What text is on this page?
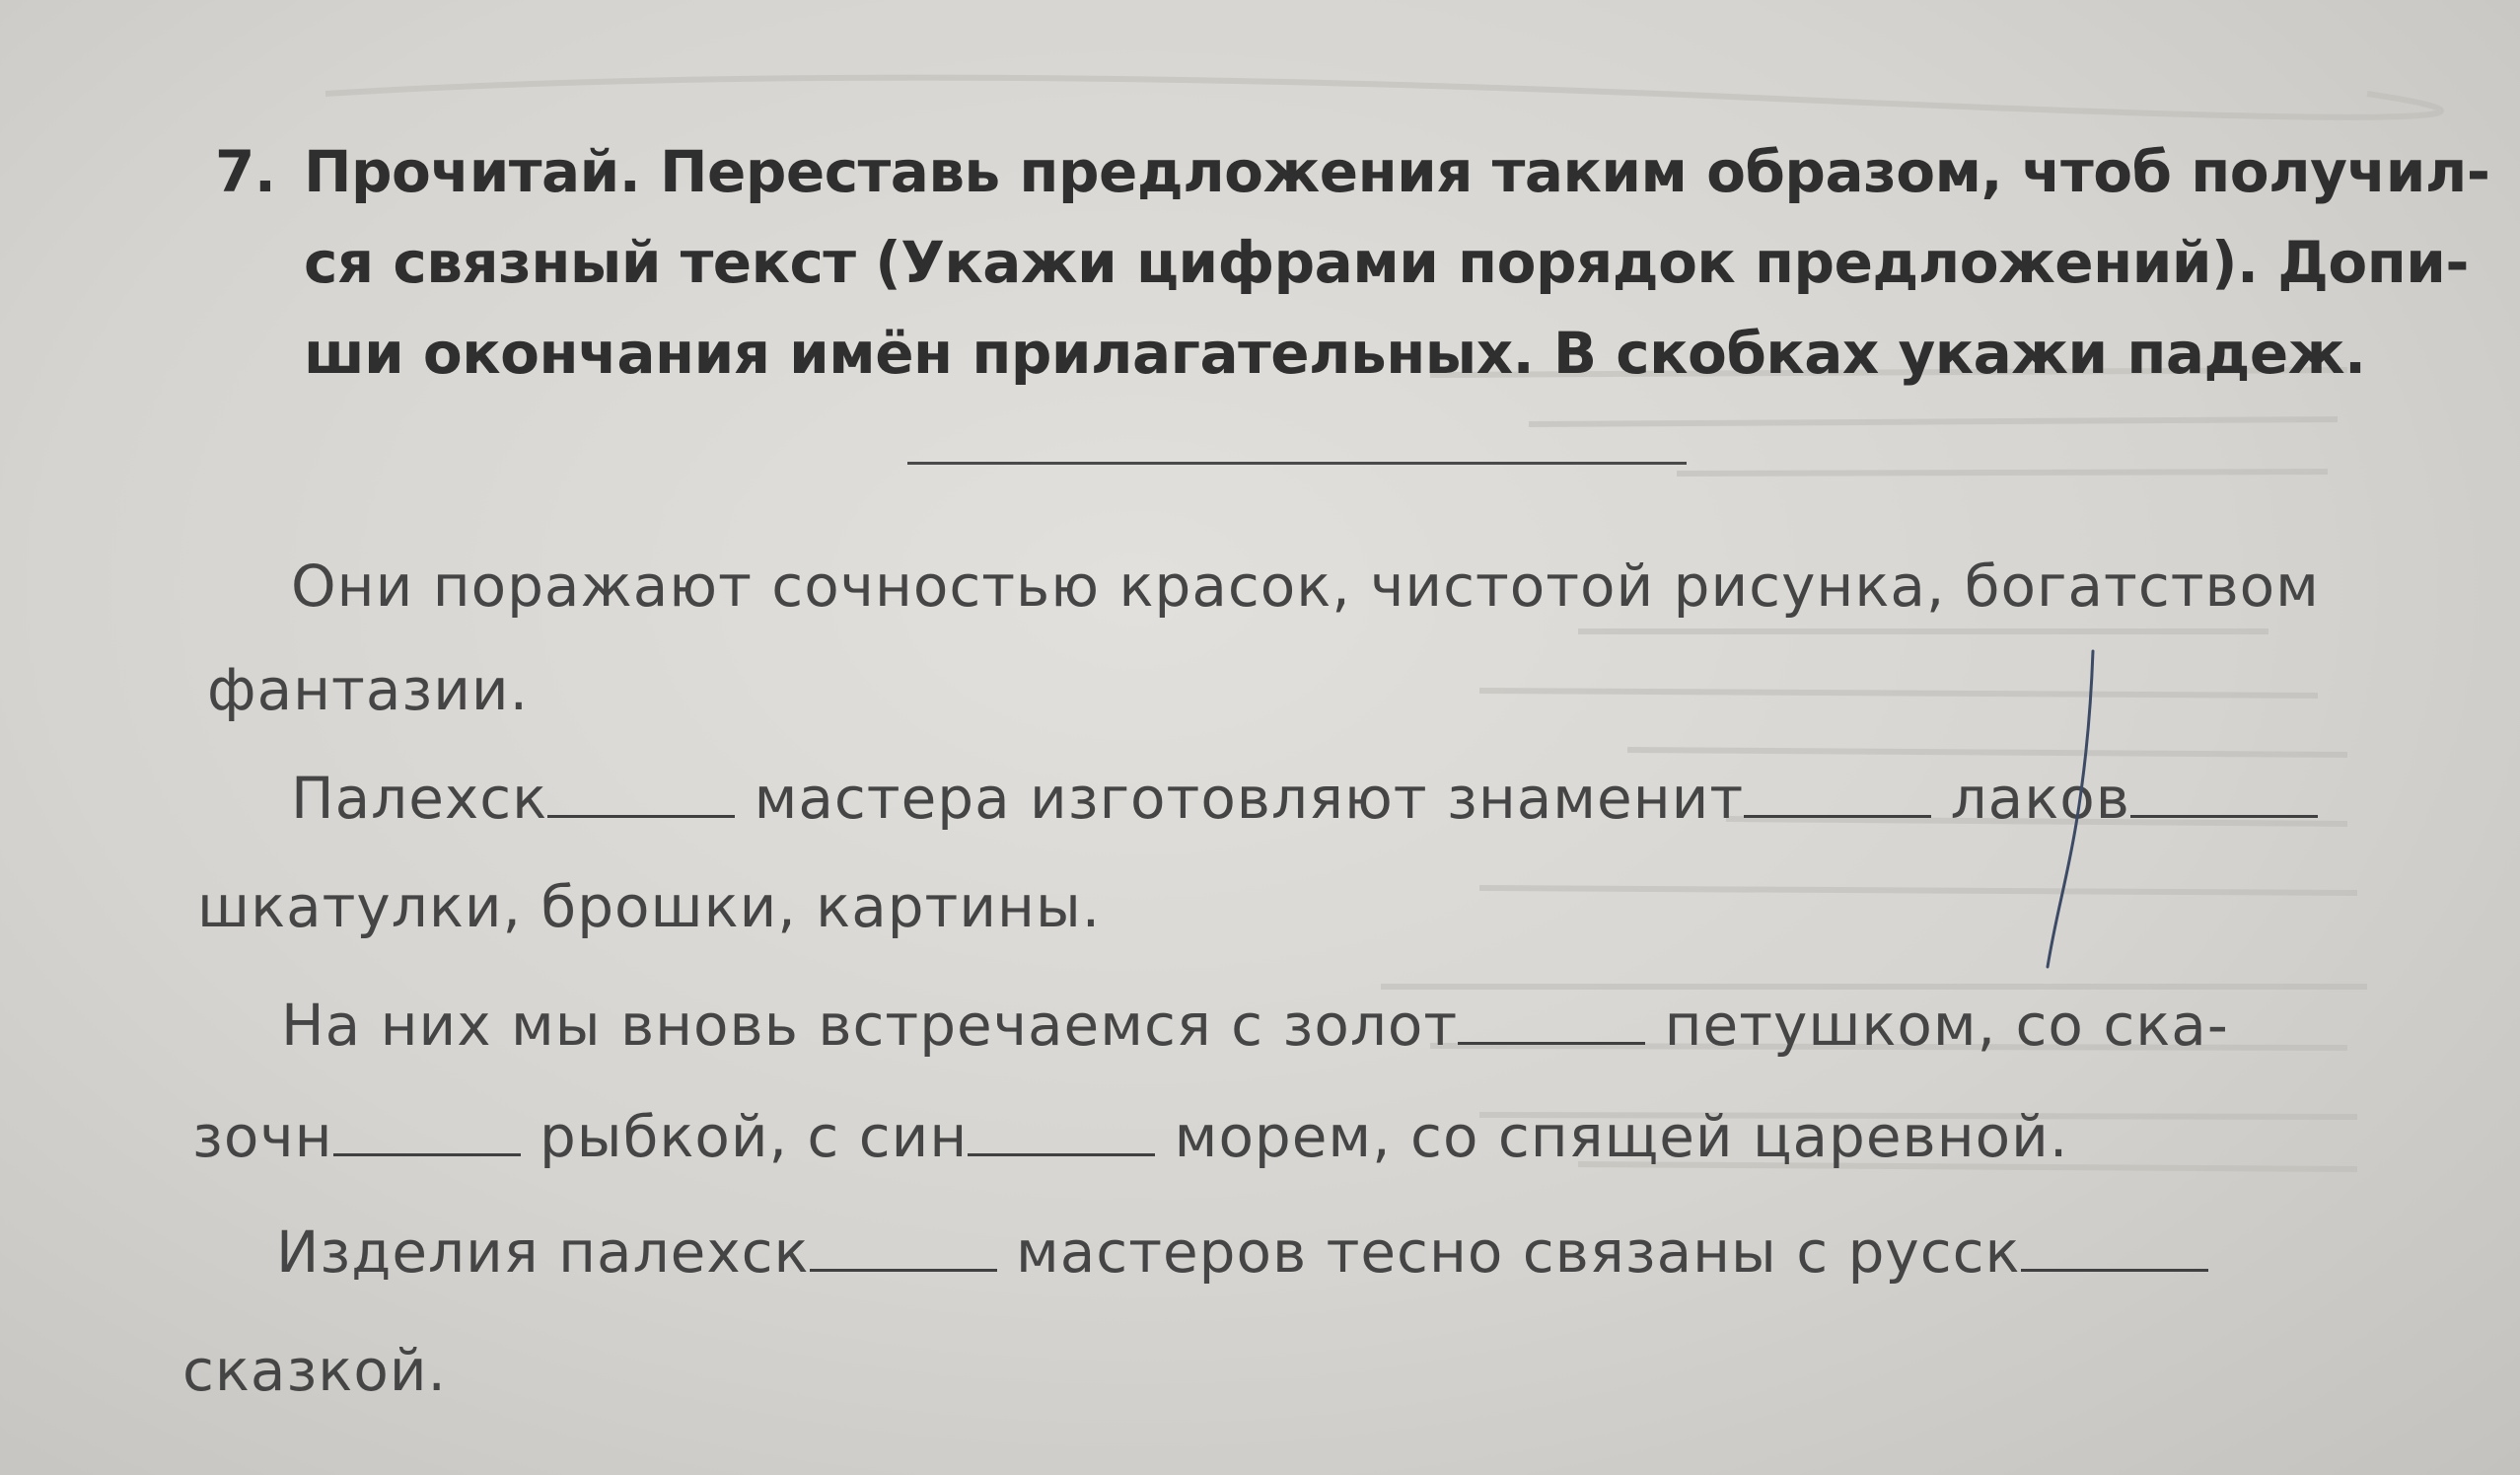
7. Прочитай. Переставь предложения таким образом, чтоб получил-
ся связный текст (Укажи цифрами порядок предложений). Допи-
ши окончания имён прилагательных. В скобках укажи падеж.
Они поражают сочностью красок, чистотой рисунка, богатством
фантазии.
Палехск	мастера изготовляют знаменит	лаков
шкатулки, брошки, картины.
На них мы вновь встречаемся с золот	петушком, со ска-
зочн	рыбкой, с син	морем, со спящей царевной.
Изделия палехск	мастеров тесно связаны с русск
сказкой.
